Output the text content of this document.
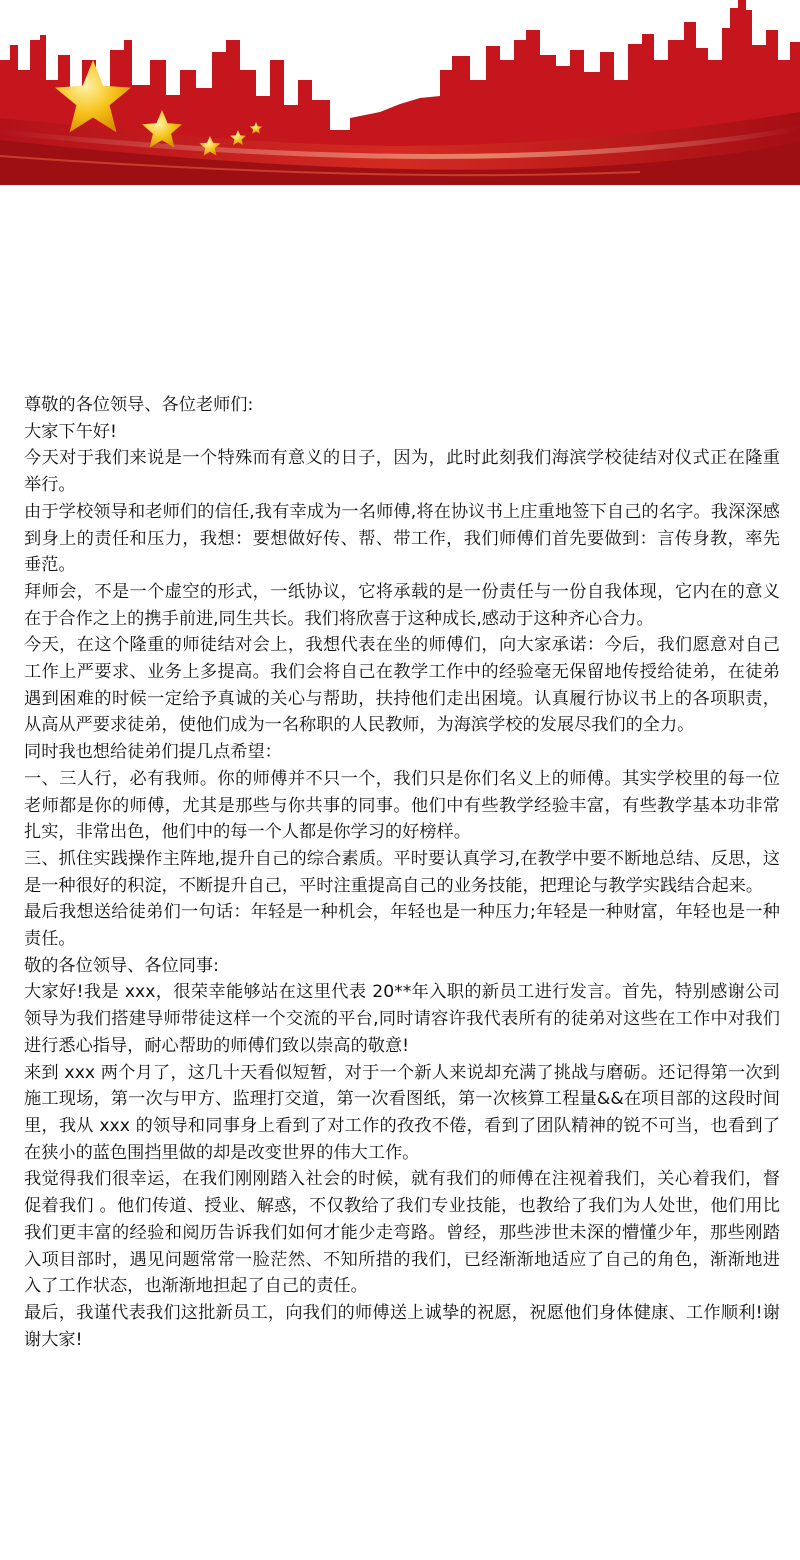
尊敬的各位领导、各位老师们:

大家下午好!

今天对于我们来说是一个特殊而有意义的日子，因为，此时此刻我们海滨学校徒结对仪式正在隆重举行。

由于学校领导和老师们的信任,我有幸成为一名师傅,将在协议书上庄重地签下自己的名字。我深深感到身上的责任和压力，我想：要想做好传、帮、带工作，我们师傅们首先要做到：言传身教，率先垂范。

拜师会，不是一个虚空的形式，一纸协议，它将承载的是一份责任与一份自我体现，它内在的意义在于合作之上的携手前进,同生共长。我们将欣喜于这种成长,感动于这种齐心合力。

今天，在这个隆重的师徒结对会上，我想代表在坐的师傅们，向大家承诺：今后，我们愿意对自己工作上严要求、业务上多提高。我们会将自己在教学工作中的经验毫无保留地传授给徒弟，在徒弟遇到困难的时候一定给予真诚的关心与帮助，扶持他们走出困境。认真履行协议书上的各项职责，从高从严要求徒弟，使他们成为一名称职的人民教师，为海滨学校的发展尽我们的全力。

同时我也想给徒弟们提几点希望：

一、三人行，必有我师。你的师傅并不只一个，我们只是你们名义上的师傅。其实学校里的每一位老师都是你的师傅，尤其是那些与你共事的同事。他们中有些教学经验丰富，有些教学基本功非常扎实，非常出色，他们中的每一个人都是你学习的好榜样。

三、抓住实践操作主阵地,提升自己的综合素质。平时要认真学习,在教学中要不断地总结、反思，这是一种很好的积淀，不断提升自己，平时注重提高自己的业务技能，把理论与教学实践结合起来。

最后我想送给徒弟们一句话：年轻是一种机会，年轻也是一种压力;年轻是一种财富，年轻也是一种责任。

敬的各位领导、各位同事:

大家好!我是 xxx，很荣幸能够站在这里代表 20**年入职的新员工进行发言。首先，特别感谢公司领导为我们搭建导师带徒这样一个交流的平台,同时请容许我代表所有的徒弟对这些在工作中对我们进行悉心指导，耐心帮助的师傅们致以崇高的敬意!

来到 xxx 两个月了，这几十天看似短暂，对于一个新人来说却充满了挑战与磨砺。还记得第一次到施工现场，第一次与甲方、监理打交道，第一次看图纸，第一次核算工程量&&在项目部的这段时间里，我从 xxx 的领导和同事身上看到了对工作的孜孜不倦，看到了团队精神的锐不可当，也看到了在狭小的蓝色围挡里做的却是改变世界的伟大工作。

我觉得我们很幸运，在我们刚刚踏入社会的时候，就有我们的师傅在注视着我们，关心着我们，督促着我们 。他们传道、授业、解惑，不仅教给了我们专业技能，也教给了我们为人处世，他们用比我们更丰富的经验和阅历告诉我们如何才能少走弯路。曾经，那些涉世未深的懵懂少年，那些刚踏入项目部时，遇见问题常常一脸茫然、不知所措的我们，已经渐渐地适应了自己的角色，渐渐地进入了工作状态，也渐渐地担起了自己的责任。

最后，我谨代表我们这批新员工，向我们的师傅送上诚挚的祝愿，祝愿他们身体健康、工作顺利!谢谢大家!
